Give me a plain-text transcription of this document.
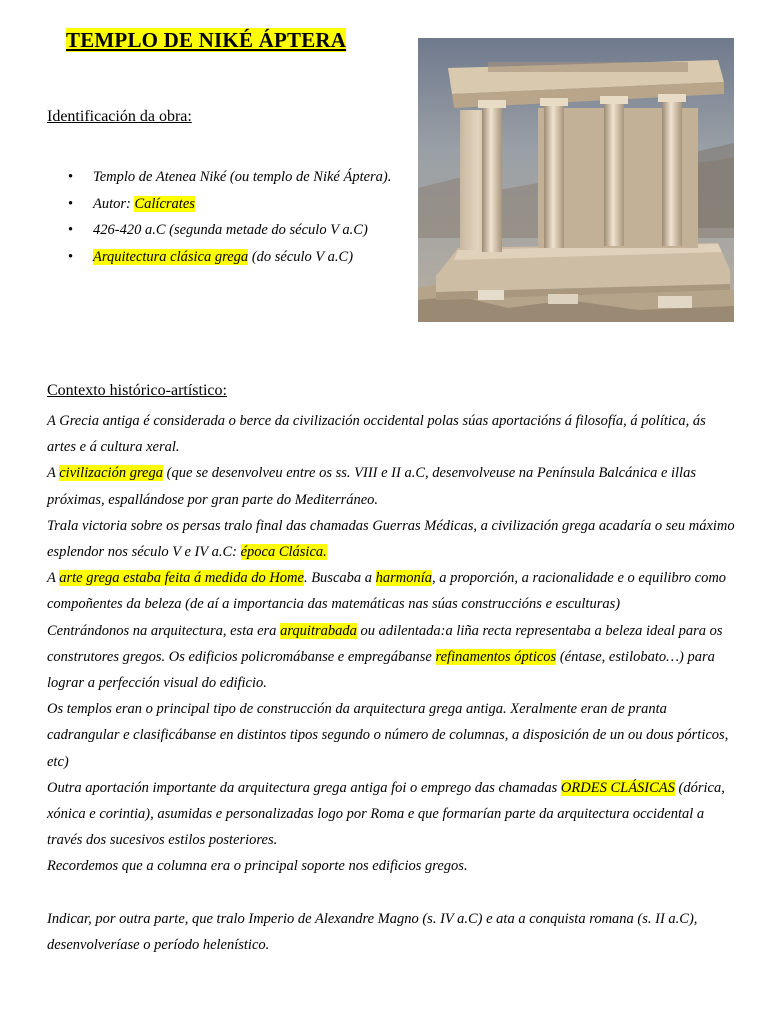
TEMPLO DE NIKÉ ÁPTERA
Identificación da obra:
• Templo de Atenea Niké (ou templo de Niké Áptera).
• Autor: Calícrates
• 426-420 a.C (segunda metade do século V a.C)
• Arquitectura clásica grega (do século V a.C)
Contexto histórico-artístico:

A Grecia antiga é considerada o berce da civilización occidental polas súas aportacións á filosofía, á política, ás artes e á cultura xeral.

A civilización grega (que se desenvolveu entre os ss. VIII e II a.C, desenvolveuse na Península Balcánica e illas próximas, espallándose por gran parte do Mediterráneo.

Trala victoria sobre os persas tralo final das chamadas Guerras Médicas, a civilización grega acadaría o seu máximo esplendor nos século V e IV a.C: época Clásica.

A arte grega estaba feita á medida do Home. Buscaba a harmonía, a proporción, a racionalidade e o equilibro como compoñentes da beleza (de aí a importancia das matemáticas nas súas construccións e esculturas)

Centrándonos na arquitectura, esta era arquitrabada ou adilentada:a liña recta representaba a beleza ideal para os construtores gregos. Os edificios policromábanse e empregábanse refinamentos ópticos (éntase, estilobato…) para lograr a perfección visual do edificio.

Os templos eran o principal tipo de construcción da arquitectura grega antiga. Xeralmente eran de pranta cadrangular e clasificábanse en distintos tipos segundo o número de columnas, a disposición de un ou dous pórticos, etc)

Outra aportación importante da arquitectura grega antiga foi o emprego das chamadas ORDES CLÁSICAS (dórica, xónica e corintia), asumidas e personalizadas logo por Roma e que formarían parte da arquitectura occidental a través dos sucesivos estilos posteriores.

Recordemos que a columna era o principal soporte nos edificios gregos.

Indicar, por outra parte, que tralo Imperio de Alexandre Magno (s. IV a.C) e ata a conquista romana (s. II a.C), desenvolveríase o período helenístico.
